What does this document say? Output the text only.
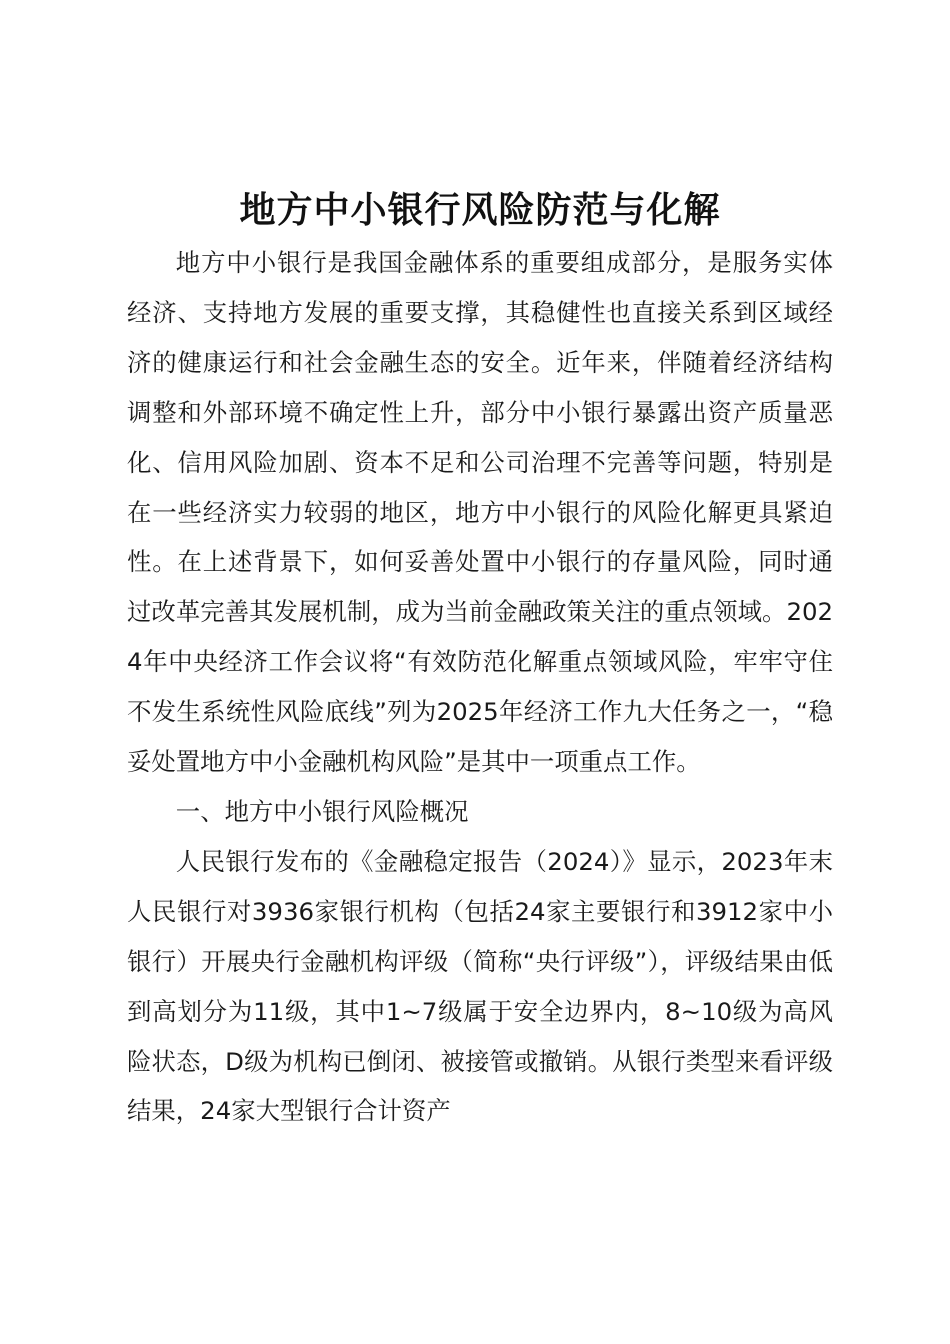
地方中小银行风险防范与化解

地方中小银行是我国金融体系的重要组成部分，是服务实体经济、支持地方发展的重要支撑，其稳健性也直接关系到区域经济的健康运行和社会金融生态的安全。近年来，伴随着经济结构调整和外部环境不确定性上升，部分中小银行暴露出资产质量恶化、信用风险加剧、资本不足和公司治理不完善等问题，特别是在一些经济实力较弱的地区，地方中小银行的风险化解更具紧迫性。在上述背景下，如何妥善处置中小银行的存量风险，同时通过改革完善其发展机制，成为当前金融政策关注的重点领域。2024年中央经济工作会议将“有效防范化解重点领域风险，牢牢守住不发生系统性风险底线”列为2025年经济工作九大任务之一，“稳妥处置地方中小金融机构风险”是其中一项重点工作。

一、地方中小银行风险概况

人民银行发布的《金融稳定报告（2024）》显示，2023年末人民银行对3936家银行机构（包括24家主要银行和3912家中小银行）开展央行金融机构评级（简称“央行评级”），评级结果由低到高划分为11级，其中1~7级属于安全边界内，8~10级为高风险状态，D级为机构已倒闭、被接管或撤销。从银行类型来看评级结果，24家大型银行合计资产
